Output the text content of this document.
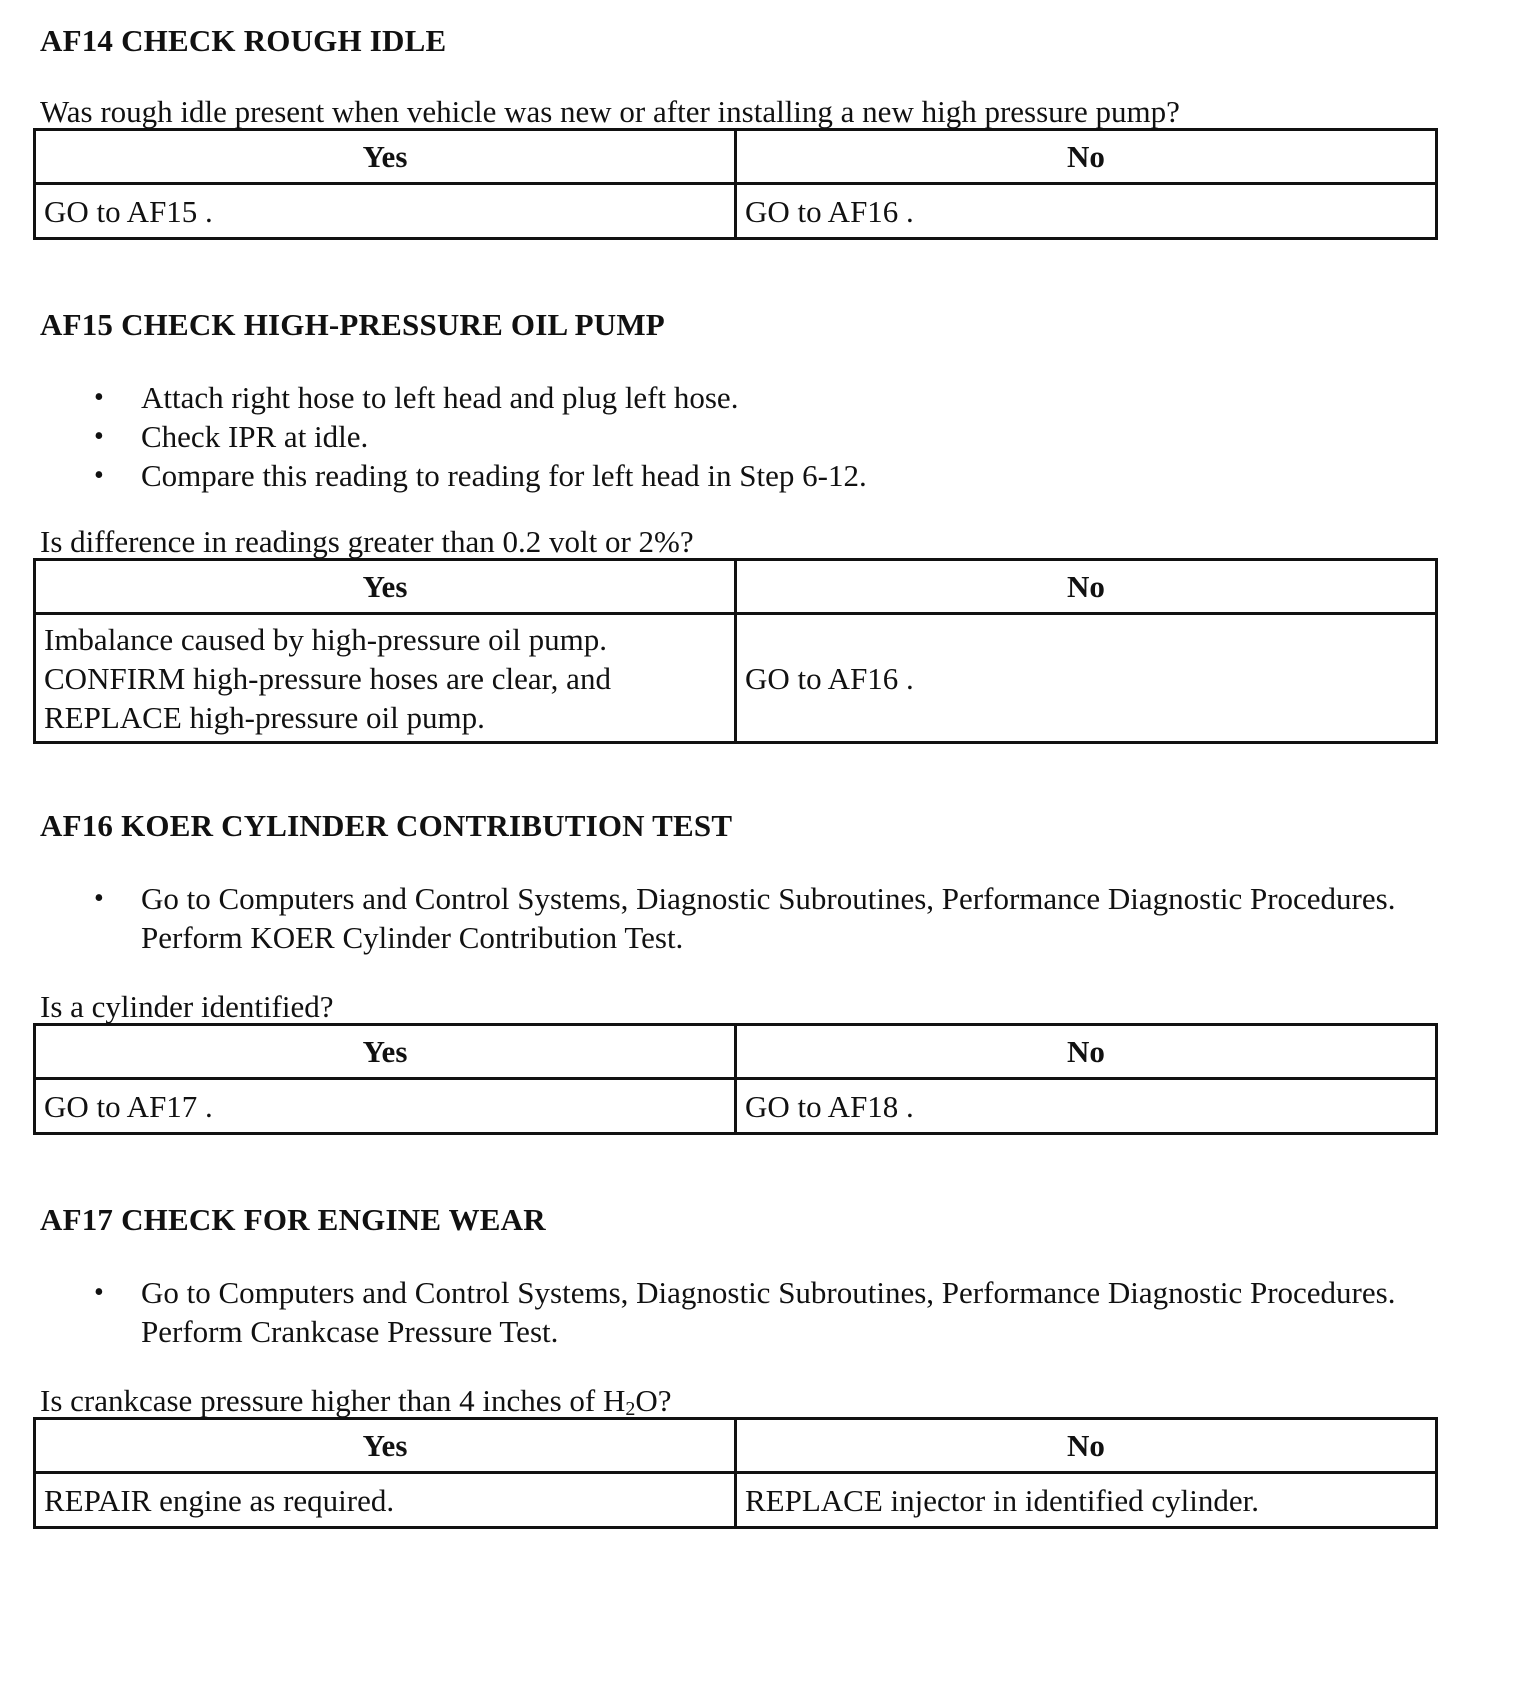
AF14 CHECK ROUGH IDLE

Was rough idle present when vehicle was new or after installing a new high pressure pump?

Yes	No
GO to AF15 .	GO to AF16 .
AF15 CHECK HIGH-PRESSURE OIL PUMP
• Attach right hose to left head and plug left hose.
• Check IPR at idle.
• Compare this reading to reading for left head in Step 6-12.

Is difference in readings greater than 0.2 volt or 2%?

Yes	No

Imbalance caused by high-pressure oil pump.
CONFIRM high-pressure hoses are clear, and
REPLACE high-pressure oil pump.	GO to AF16 .
AF16 KOER CYLINDER CONTRIBUTION TEST
• Go to Computers and Control Systems, Diagnostic Subroutines, Performance Diagnostic Procedures.
Perform KOER Cylinder Contribution Test.

Is a cylinder identified?

Yes	No
GO to AF17 .	GO to AF18 .
AF17 CHECK FOR ENGINE WEAR
• Go to Computers and Control Systems, Diagnostic Subroutines, Performance Diagnostic Procedures.
Perform Crankcase Pressure Test.

Is crankcase pressure higher than 4 inches of $H_2O$?

Yes	No
REPAIR engine as required.	REPLACE injector in identified cylinder.
